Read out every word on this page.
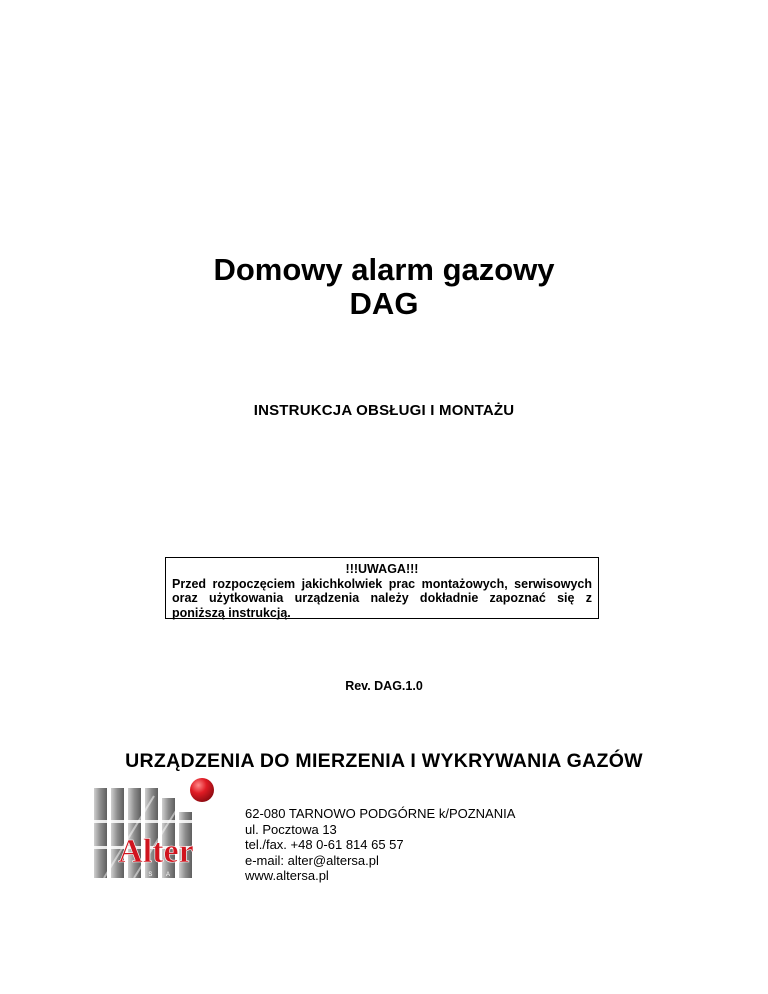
Domowy alarm gazowy
DAG
INSTRUKCJA OBSŁUGI I MONTAŻU
!!!UWAGA!!!
Przed rozpoczęciem jakichkolwiek prac montażowych, serwisowych oraz użytkowania urządzenia należy dokładnie zapoznać się z poniższą instrukcją.
Rev. DAG.1.0
URZĄDZENIA DO MIERZENIA I WYKRYWANIA GAZÓW
Alter
S.A.
62-080 TARNOWO PODGÓRNE k/POZNANIA
ul. Pocztowa 13
tel./fax. +48 0-61 814 65 57
e-mail: alter@altersa.pl
www.altersa.pl
